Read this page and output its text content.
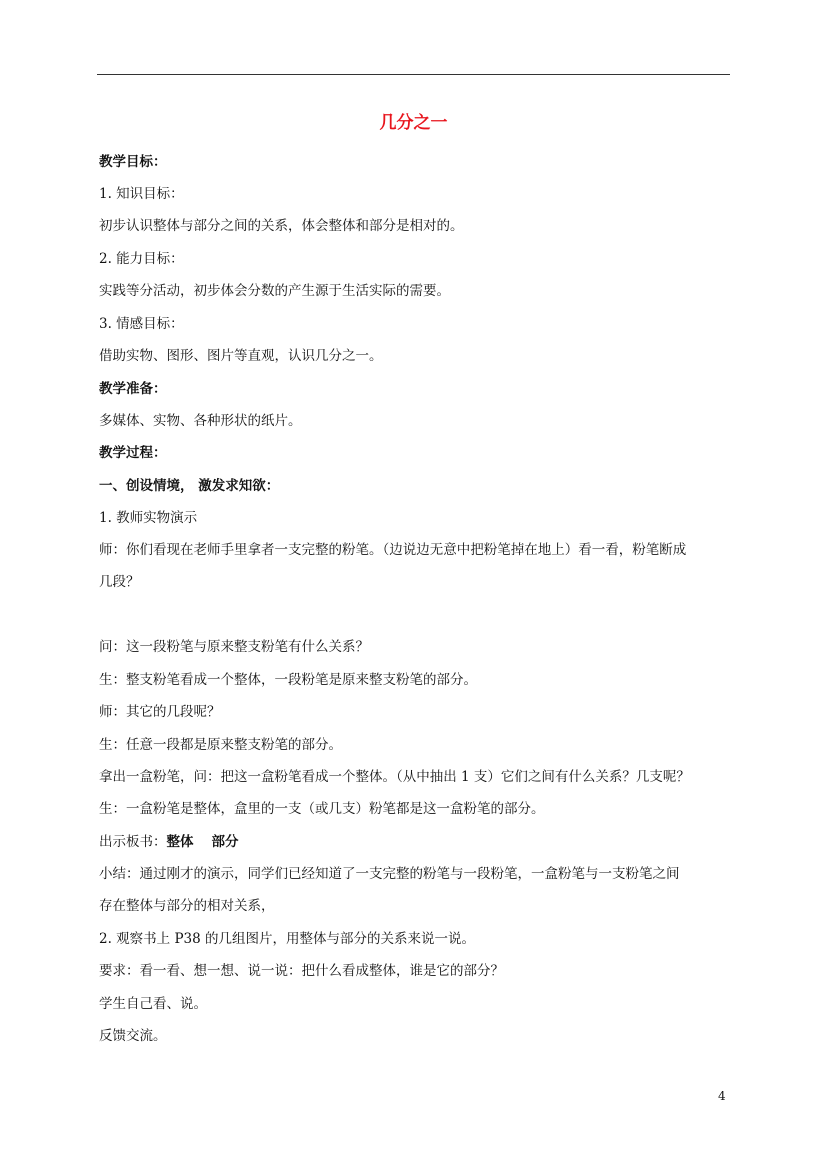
几分之一
教学目标：
1. 知识目标：
初步认识整体与部分之间的关系，体会整体和部分是相对的。
2. 能力目标：
实践等分活动，初步体会分数的产生源于生活实际的需要。
3. 情感目标：
借助实物、图形、图片等直观，认识几分之一。
教学准备：
多媒体、实物、各种形状的纸片。
教学过程：
一、创设情境， 激发求知欲：
1. 教师实物演示
师：你们看现在老师手里拿者一支完整的粉笔。（边说边无意中把粉笔掉在地上）看一看，粉笔断成
几段？
问：这一段粉笔与原来整支粉笔有什么关系？
生：整支粉笔看成一个整体，一段粉笔是原来整支粉笔的部分。
师：其它的几段呢？
生：任意一段都是原来整支粉笔的部分。
拿出一盒粉笔，问：把这一盒粉笔看成一个整体。（从中抽出 1 支）它们之间有什么关系？几支呢？
生：一盒粉笔是整体，盒里的一支（或几支）粉笔都是这一盒粉笔的部分。
出示板书：整体 部分
小结：通过刚才的演示，同学们已经知道了一支完整的粉笔与一段粉笔，一盒粉笔与一支粉笔之间
存在整体与部分的相对关系，
2. 观察书上 P38 的几组图片，用整体与部分的关系来说一说。
要求：看一看、想一想、说一说：把什么看成整体，谁是它的部分？
学生自己看、说。
反馈交流。
4
